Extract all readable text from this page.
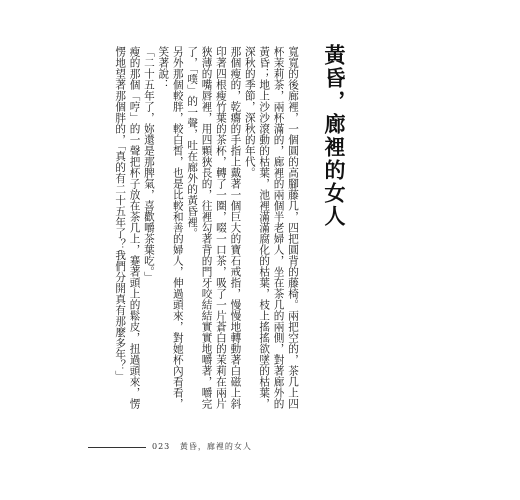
黃昏，廊裡的女人

寬寬的後廊裡，一個圓的高腳藤几，四把圓背的藤椅。兩把空的，茶几上四杯茉莉茶，兩杯滿的，廊裡的兩個半老婦人，坐在茶几的兩側，對著廊外的黃昏；地上沙沙滾動的枯葉，池裡滿滿腐化的枯葉，枝上搖搖欲墜的枯葉，深秋的季節，深秋的年代。

那個瘦的，乾癟的手指上戴著一個巨大的寶石戒指，慢慢地轉動著白磁上斜印著四根瘦竹葉的茶杯，轉了一圈，啜一口茶，吸了一片蒼白的茉莉在兩片狹薄的嘴唇裡，用四顆狹長的，往裡勾著背的門牙咬結結實實地嚼著，嚼完了，「噗」的一聲，吐在廊外的黃昏裡。

另外那個較胖，較白皙，也是比較和善的婦人，伸過頭來，對她杯內看看，笑著說：

「二十五年了，妳還是那脾氣，喜歡嚼茶葉吃。」

瘦的那個「哼」的一聲把杯子放在茶几上，蹇著頭上的鬆皮，扭過頭來，愣愣地望著那個胖的，「真的有二十五年了？我們分開真有那麼多年？」

023 黃昏，廊裡的女人
